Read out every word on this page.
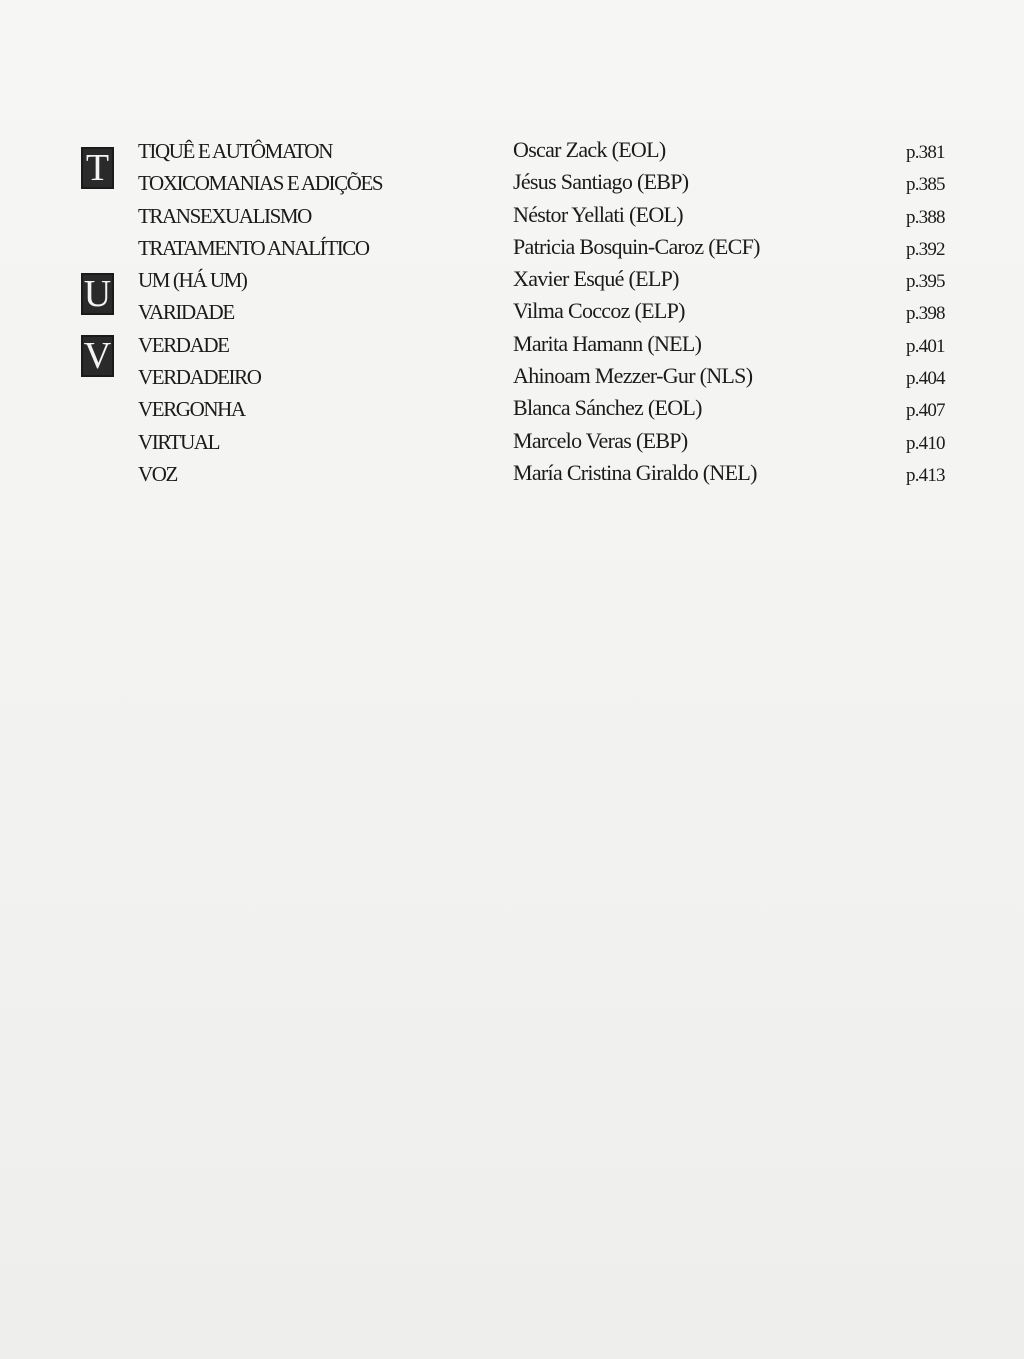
T
U
V
TIQUÊ E AUTÔMATON	Oscar Zack (EOL)	p.381
TOXICOMANIAS E ADIÇÕES	Jésus Santiago (EBP)	p.385
TRANSEXUALISMO	Néstor Yellati (EOL)	p.388
TRATAMENTO ANALÍTICO	Patricia Bosquin-Caroz (ECF)	p.392
UM (HÁ UM)	Xavier Esqué (ELP)	p.395
VARIDADE	Vilma Coccoz (ELP)	p.398
VERDADE	Marita Hamann (NEL)	p.401
VERDADEIRO	Ahinoam Mezzer-Gur (NLS)	p.404
VERGONHA	Blanca Sánchez (EOL)	p.407
VIRTUAL	Marcelo Veras (EBP)	p.410
VOZ	María Cristina Giraldo (NEL)	p.413
